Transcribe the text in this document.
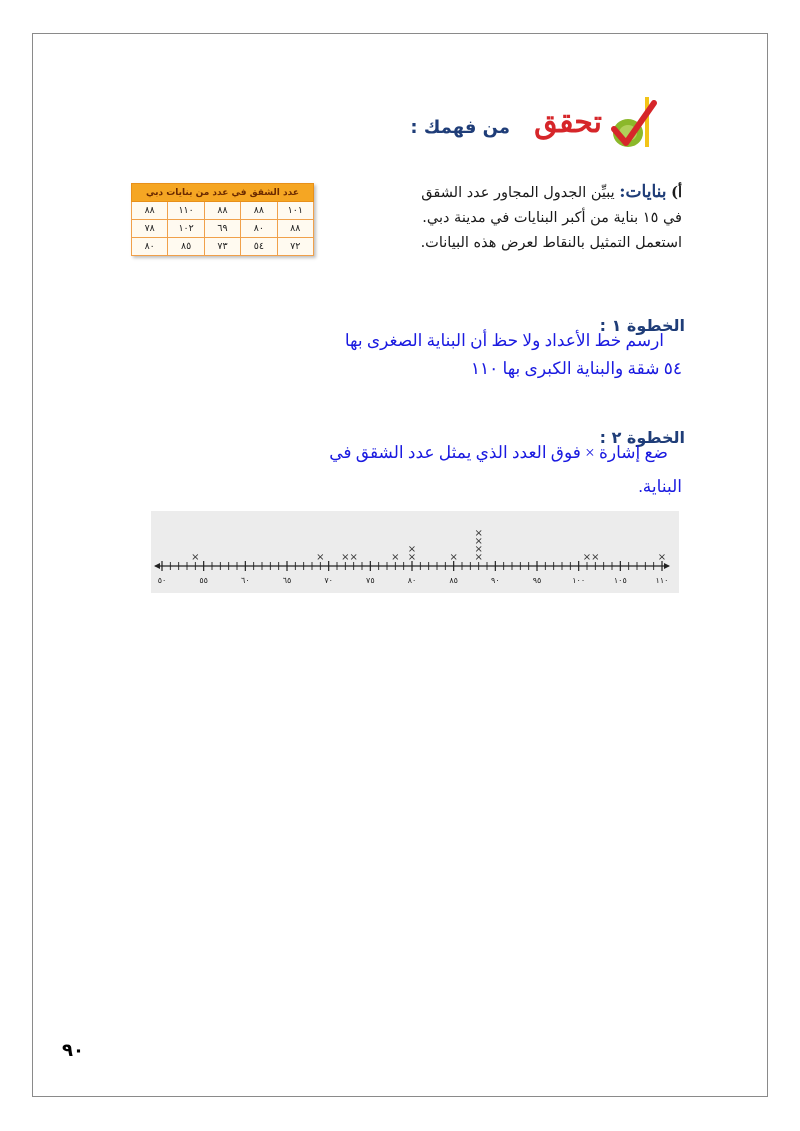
تحقق
من فهمك :
أ) بنايات: يبيِّن الجدول المجاور عدد الشقق
في ١٥ بناية من أكبر البنايات في مدينة دبي.
استعمل التمثيل بالنقاط لعرض هذه البيانات.
عدد الشقق في عدد من بنايات دبي				
١٠١	٨٨	٨٨	١١٠	٨٨
٨٨	٨٠	٦٩	١٠٢	٧٨
٧٢	٥٤	٧٣	٨٥	٨٠
الخطوة ١ :
ارسم خط الأعداد ولا حظ أن البناية الصغرى بها
٥٤ شقة والبناية الكبرى بها ١١٠
الخطوة ٢ :
ضع إشارة × فوق العدد الذي يمثل عدد الشقق في
البناية.
٥٠	٥٥	٦٠	٦٥	٧٠	٧٥	٨٠	٨٥	٩٠	٩٥	١٠٠	١٠٥	١١٠
×	× × ×	× ×
×
× ×
×
×
×
× ×	×
٩٠
